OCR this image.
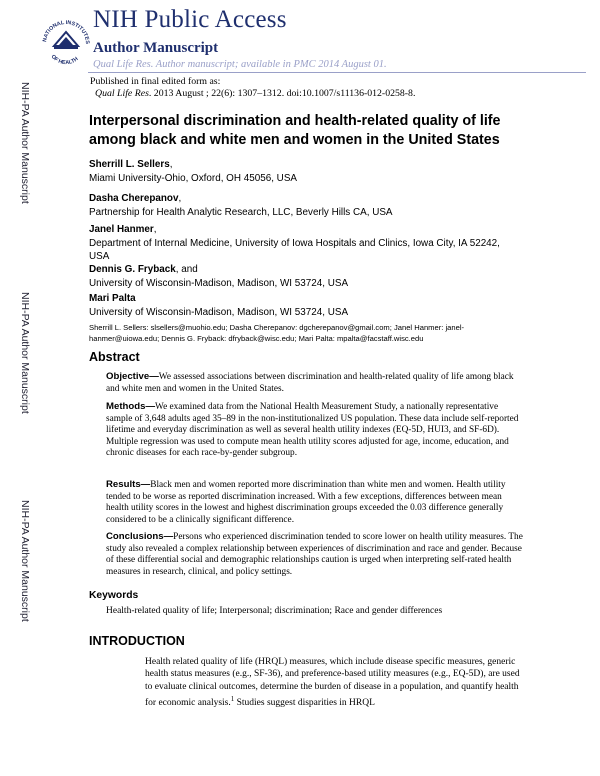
NATIONAL INSTITUTES
OF HEALTH
NIH Public Access
Author Manuscript
Qual Life Res. Author manuscript; available in PMC 2014 August 01.
Published in final edited form as:
Qual Life Res. 2013 August ; 22(6): 1307–1312. doi:10.1007/s11136-012-0258-8.
NIH-PA Author Manuscript
NIH-PA Author Manuscript
NIH-PA Author Manuscript
Interpersonal discrimination and health-related quality of life among black and white men and women in the United States
Sherrill L. Sellers,
Miami University-Ohio, Oxford, OH 45056, USA
Dasha Cherepanov,
Partnership for Health Analytic Research, LLC, Beverly Hills CA, USA
Janel Hanmer,
Department of Internal Medicine, University of Iowa Hospitals and Clinics, Iowa City, IA 52242, USA
Dennis G. Fryback, and
University of Wisconsin-Madison, Madison, WI 53724, USA
Mari Palta
University of Wisconsin-Madison, Madison, WI 53724, USA
Sherrill L. Sellers: slsellers@muohio.edu; Dasha Cherepanov: dgcherepanov@gmail.com; Janel Hanmer: janel-hanmer@uiowa.edu; Dennis G. Fryback: dfryback@wisc.edu; Mari Palta: mpalta@facstaff.wisc.edu
Abstract
Objective—We assessed associations between discrimination and health-related quality of life among black and white men and women in the United States.
Methods—We examined data from the National Health Measurement Study, a nationally representative sample of 3,648 adults aged 35–89 in the non-institutionalized US population. These data include self-reported lifetime and everyday discrimination as well as several health utility indexes (EQ-5D, HUI3, and SF-6D). Multiple regression was used to compute mean health utility scores adjusted for age, income, education, and chronic diseases for each race-by-gender subgroup.
Results—Black men and women reported more discrimination than white men and women. Health utility tended to be worse as reported discrimination increased. With a few exceptions, differences between mean health utility scores in the lowest and highest discrimination groups exceeded the 0.03 difference generally considered to be a clinically significant difference.
Conclusions—Persons who experienced discrimination tended to score lower on health utility measures. The study also revealed a complex relationship between experiences of discrimination and race and gender. Because of these differential social and demographic relationships caution is urged when interpreting self-rated health measures in research, clinical, and policy settings.
Keywords
Health-related quality of life; Interpersonal; discrimination; Race and gender differences
INTRODUCTION
Health related quality of life (HRQL) measures, which include disease specific measures, generic health status measures (e.g., SF-36), and preference-based utility measures (e.g., EQ-5D), are used to evaluate clinical outcomes, determine the burden of disease in a population, and quantify health for economic analysis.$^1$ Studies suggest disparities in HRQL
